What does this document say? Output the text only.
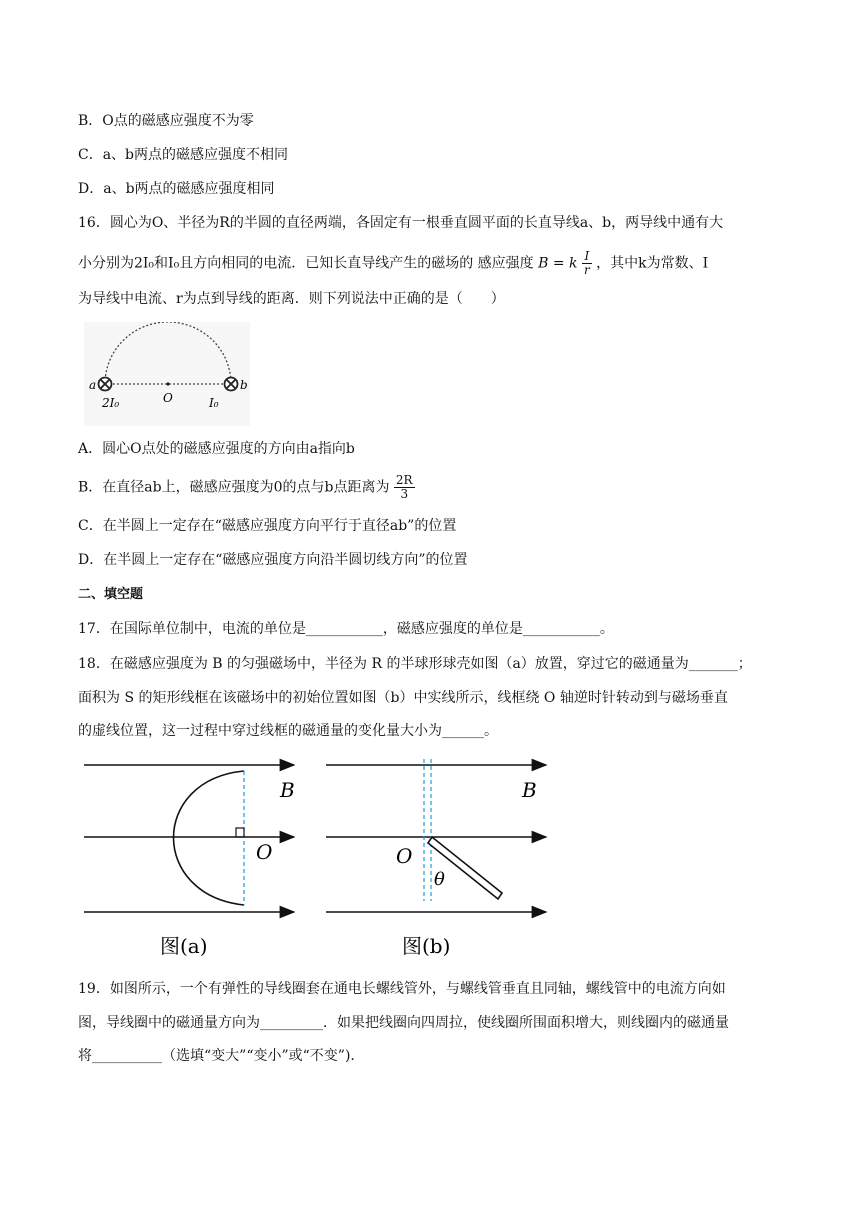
B．O点的磁感应强度不为零
C．a、b两点的磁感应强度不相同
D．a、b两点的磁感应强度相同
16．圆心为O、半径为R的半圆的直径两端，各固定有一根垂直圆平面的长直导线a、b，两导线中通有大
小分别为2I₀和I₀且方向相同的电流．已知长直导线产生的磁场的 感应强度 B = k $\frac{I}{r}$ ，其中k为常数、I
为导线中电流、r为点到导线的距离．则下列说法中正确的是（　　）
a	b
O
2I₀	I₀
A．圆心O点处的磁感应强度的方向由a指向b
B．在直径ab上，磁感应强度为0的点与b点距离为 $\frac{2R}{3}$
C．在半圆上一定存在“磁感应强度方向平行于直径ab”的位置
D．在半圆上一定存在“磁感应强度方向沿半圆切线方向”的位置
二、填空题
17．在国际单位制中，电流的单位是___________，磁感应强度的单位是___________。
18．在磁感应强度为 B 的匀强磁场中，半径为 R 的半球形球壳如图（a）放置，穿过它的磁通量为_______；
面积为 S 的矩形线框在该磁场中的初始位置如图（b）中实线所示，线框绕 O 轴逆时针转动到与磁场垂直
的虚线位置，这一过程中穿过线框的磁通量的变化量大小为______。
B
O
图(a)
B
O
θ
图(b)
19．如图所示，一个有弹性的导线圈套在通电长螺线管外，与螺线管垂直且同轴，螺线管中的电流方向如
图，导线圈中的磁通量方向为_________．如果把线圈向四周拉，使线圈所围面积增大，则线圈内的磁通量
将__________（选填“变大”“变小”或“不变”).
